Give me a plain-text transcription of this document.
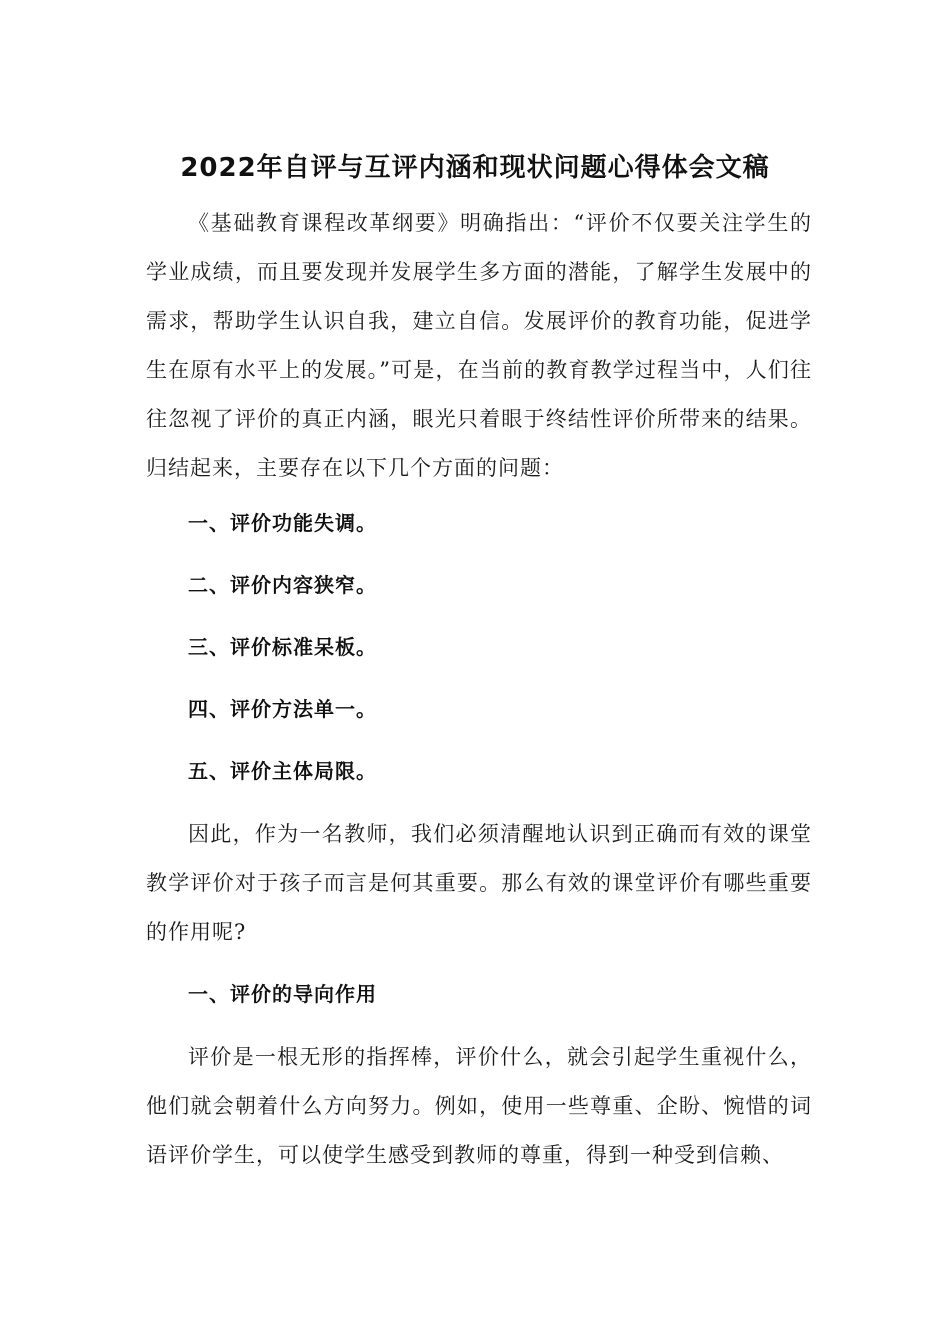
2022年自评与互评内涵和现状问题心得体会文稿

《基础教育课程改革纲要》明确指出：“评价不仅要关注学生的学业成绩，而且要发现并发展学生多方面的潜能，了解学生发展中的需求，帮助学生认识自我，建立自信。发展评价的教育功能，促进学生在原有水平上的发展。”可是，在当前的教育教学过程当中，人们往往忽视了评价的真正内涵，眼光只着眼于终结性评价所带来的结果。归结起来，主要存在以下几个方面的问题：

一、评价功能失调。

二、评价内容狭窄。

三、评价标准呆板。

四、评价方法单一。

五、评价主体局限。

因此，作为一名教师，我们必须清醒地认识到正确而有效的课堂教学评价对于孩子而言是何其重要。那么有效的课堂评价有哪些重要的作用呢?

一、评价的导向作用

评价是一根无形的指挥棒，评价什么，就会引起学生重视什么，他们就会朝着什么方向努力。例如，使用一些尊重、企盼、惋惜的词语评价学生，可以使学生感受到教师的尊重，得到一种受到信赖、
